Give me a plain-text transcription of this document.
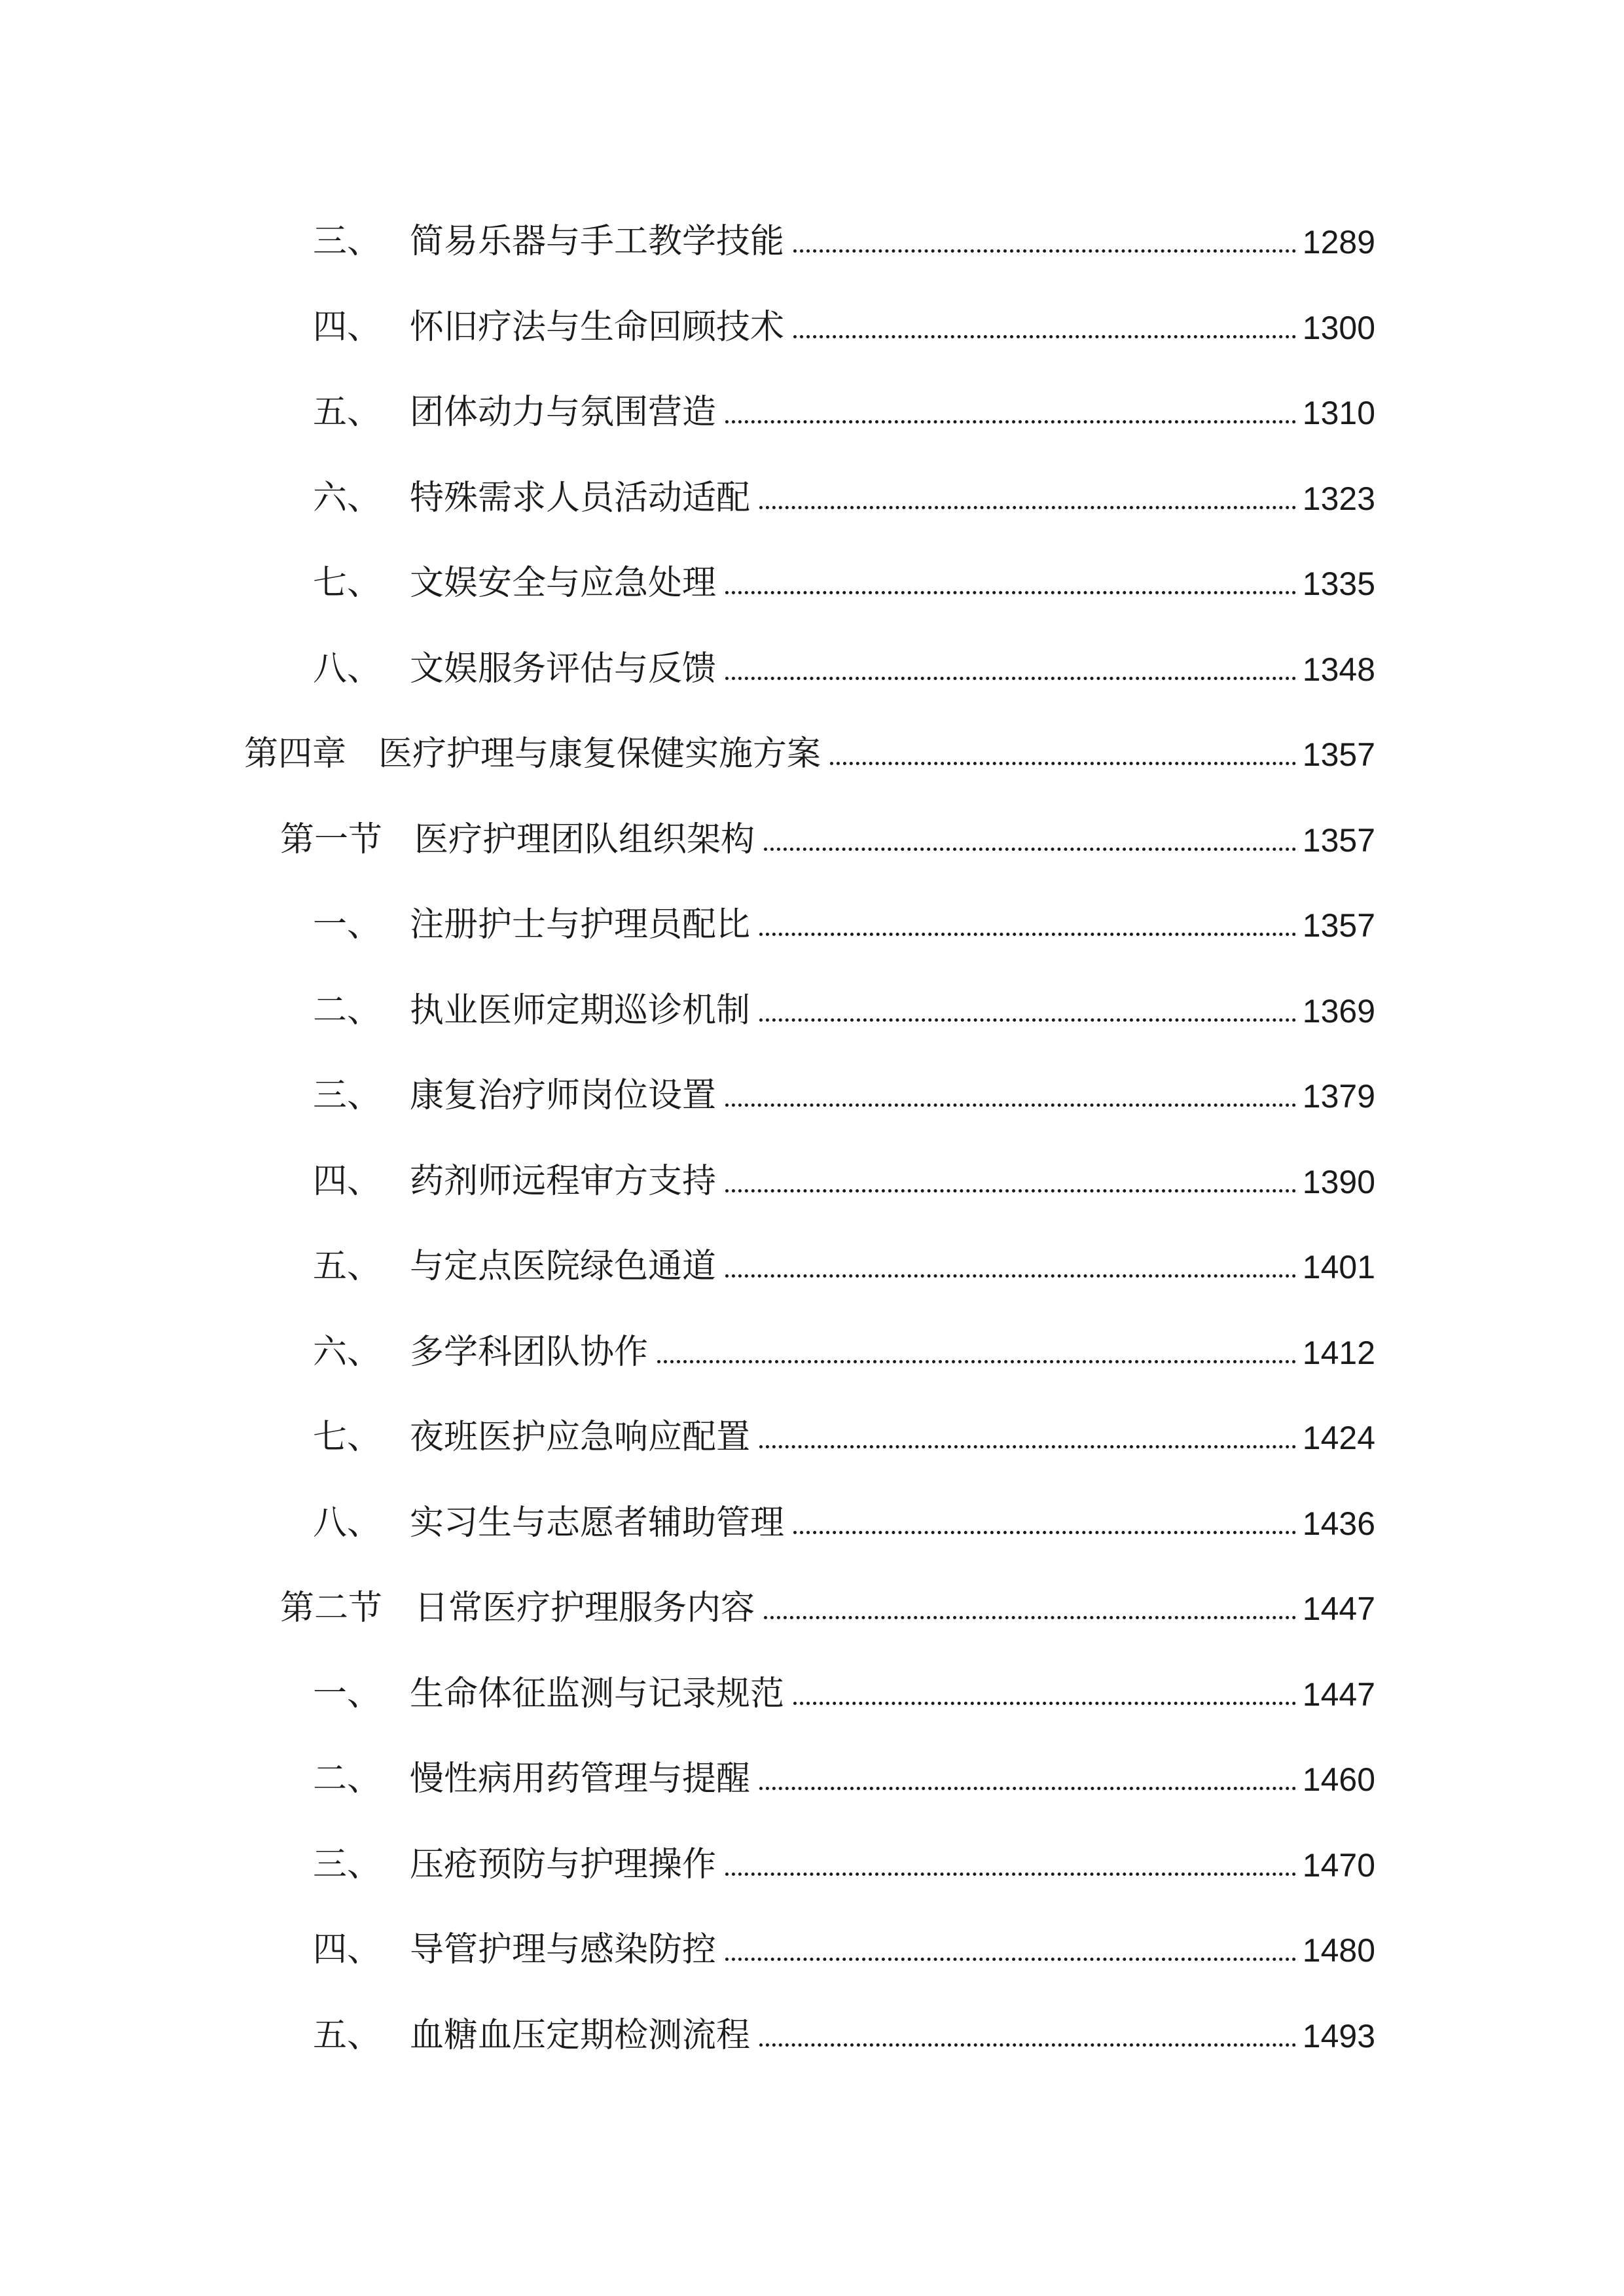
三、 简易乐器与手工教学技能	1289
四、 怀旧疗法与生命回顾技术	1300
五、 团体动力与氛围营造	1310
六、 特殊需求人员活动适配	1323
七、 文娱安全与应急处理	1335
八、 文娱服务评估与反馈	1348
第四章 医疗护理与康复保健实施方案	1357
第一节 医疗护理团队组织架构	1357
一、 注册护士与护理员配比	1357
二、 执业医师定期巡诊机制	1369
三、 康复治疗师岗位设置	1379
四、 药剂师远程审方支持	1390
五、 与定点医院绿色通道	1401
六、 多学科团队协作	1412
七、 夜班医护应急响应配置	1424
八、 实习生与志愿者辅助管理	1436
第二节 日常医疗护理服务内容	1447
一、 生命体征监测与记录规范	1447
二、 慢性病用药管理与提醒	1460
三、 压疮预防与护理操作	1470
四、 导管护理与感染防控	1480
五、 血糖血压定期检测流程	1493
